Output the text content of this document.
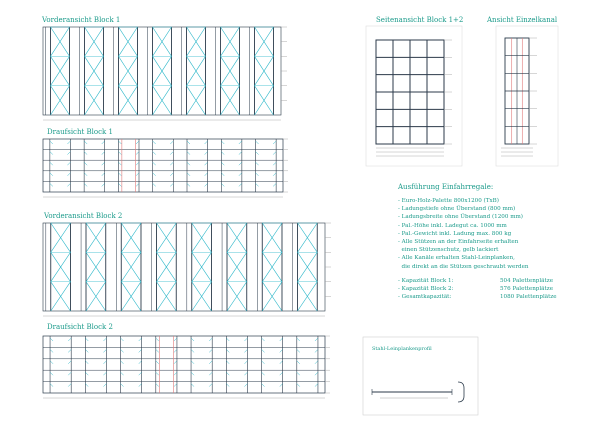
Vorderansicht Block 1
Draufsicht Block 1
Vorderansicht Block 2
Draufsicht Block 2
Seitenansicht Block 1+2	Ansicht Einzelkanal
Stahl-Leinplankenprofil
Ausführung Einfahrregale:
- Euro-Holz-Palette 800x1200 (TxB)
- Ladungstiefe ohne Überstand (800 mm)
- Ladungsbreite ohne Überstand (1200 mm)
- Pal.-Höhe inkl. Ladegut ca. 1000 mm
- Pal.-Gewicht inkl. Ladung max. 800 kg
- Alle Stützen an der Einfahrseite erhalten
einen Stützenschutz, gelb lackiert
- Alle Kanäle erhalten Stahl-Leinplanken,
die direkt an die Stützen geschraubt werden
- Kapazität Block 1:	504 Palettenplätze
- Kapazität Block 2:	576 Palettenplätze
- Gesamtkapazität:	1080 Palettenplätze
